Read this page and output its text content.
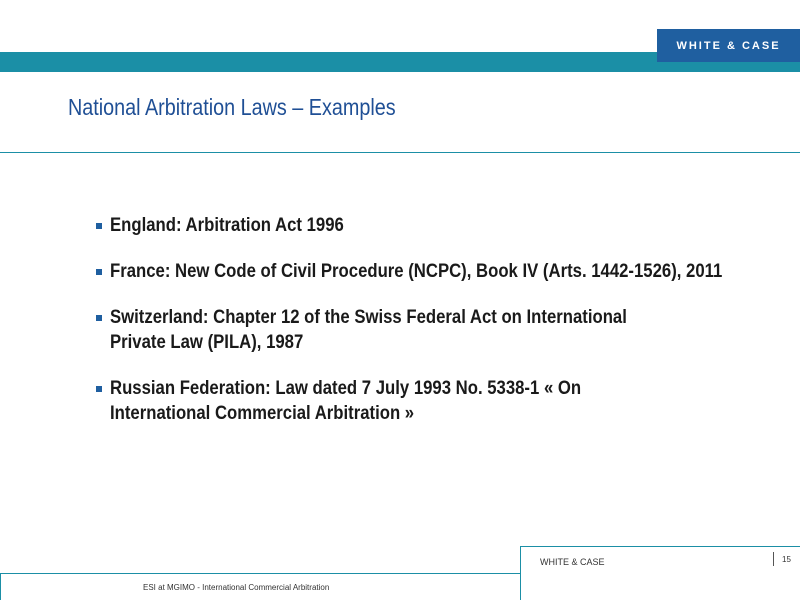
WHITE & CASE
National Arbitration Laws – Examples
England: Arbitration Act 1996
France: New Code of Civil Procedure (NCPC), Book IV (Arts. 1442-1526), 2011
Switzerland: Chapter 12 of the Swiss Federal Act on International Private Law (PILA), 1987
Russian Federation: Law dated 7 July 1993 No. 5338-1 « On International Commercial Arbitration »
WHITE & CASE	15
ESI at MGIMO - International Commercial Arbitration
